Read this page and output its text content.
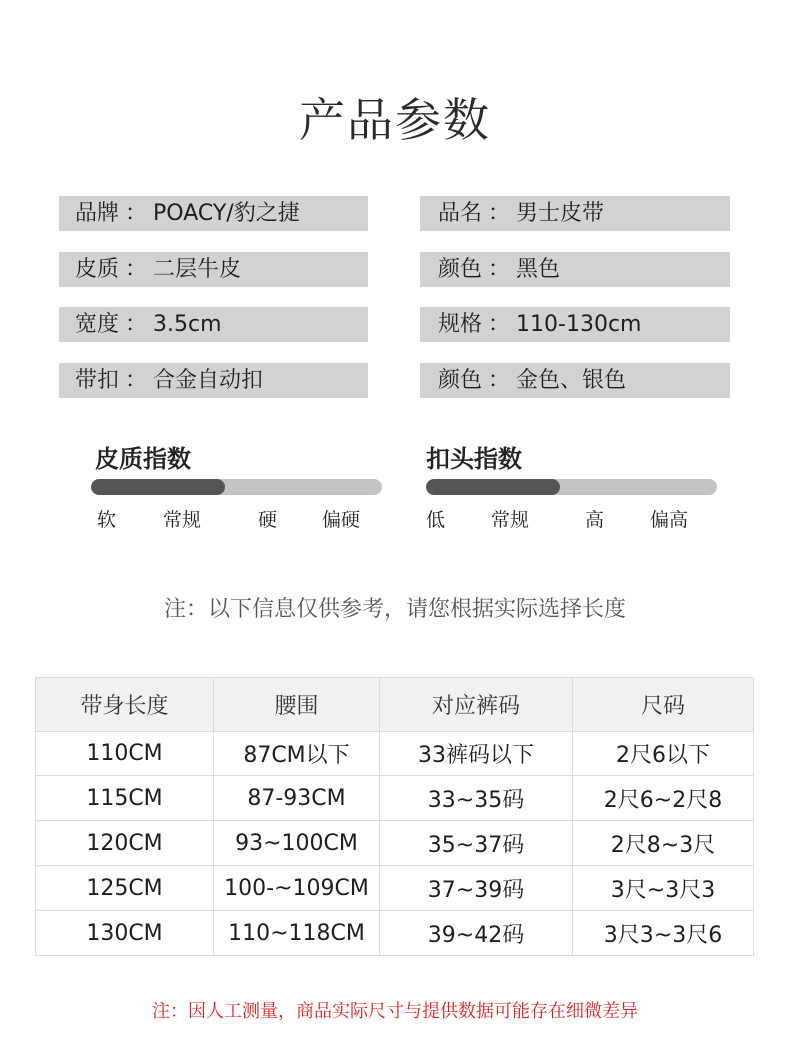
产品参数
品牌 ： POACY/豹之捷	品名 ： 男士皮带
皮质 ： 二层牛皮	颜色 ： 黑色
宽度 ： 3.5cm	规格 ： 110-130cm
带扣 ： 合金自动扣	颜色 ： 金色、银色
皮质指数
软 常规	硬 偏硬
扣头指数
低 常规	高 偏高
注：以下信息仅供参考，请您根据实际选择长度
带身长度	腰围	对应裤码	尺码
110CM	87CM以下	33裤码以下	2尺6以下
115CM	87-93CM	33~35码	2尺6~2尺8
120CM	93~100CM	35~37码	2尺8~3尺
125CM	100-~109CM	37~39码	3尺~3尺3
130CM	110~118CM	39~42码	3尺3~3尺6
注：因人工测量，商品实际尺寸与提供数据可能存在细微差异
